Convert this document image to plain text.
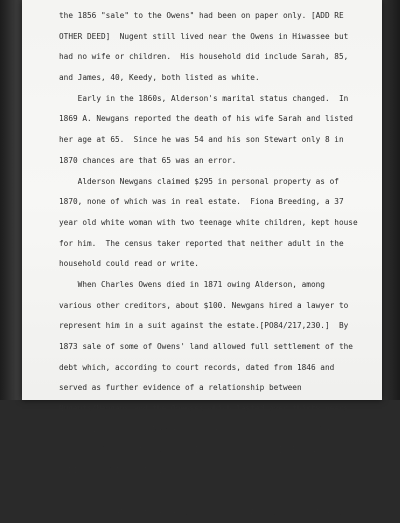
the 1856 "sale" to the Owens" had been on paper only. [ADD RE
OTHER DEED]  Nugent still lived near the Owens in Hiwassee but
had no wife or children.  His household did include Sarah, 85,
and James, 40, Keedy, both listed as white.
Early in the 1860s, Alderson's marital status changed.  In
1869 A. Newgans reported the death of his wife Sarah and listed
her age at 65.  Since he was 54 and his son Stewart only 8 in
1870 chances are that 65 was an error.
Alderson Newgans claimed $295 in personal property as of
1870, none of which was in real estate.  Fiona Breeding, a 37
year old white woman with two teenage white children, kept house
for him.  The census taker reported that neither adult in the
household could read or write.
When Charles Owens died in 1871 owing Alderson, among
various other creditors, about $100. Newgans hired a lawyer to
represent him in a suit against the estate.[PO84/217,230.]  By
1873 sale of some of Owens' land allowed full settlement of the
debt which, according to court records, dated from 1846 and
served as further evidence of a relationship between
Nugents/Newgans and the Owenses which lasted over thirty years.
In 1880 "Ollen" Newgan was age 65 and Stewart 27.  The two
men now lived by themselves. [Check marriages] [WORK ON THE
ENDING OF THIS SECTION]
As antebellum free persons of color, Anderson and Alderson
